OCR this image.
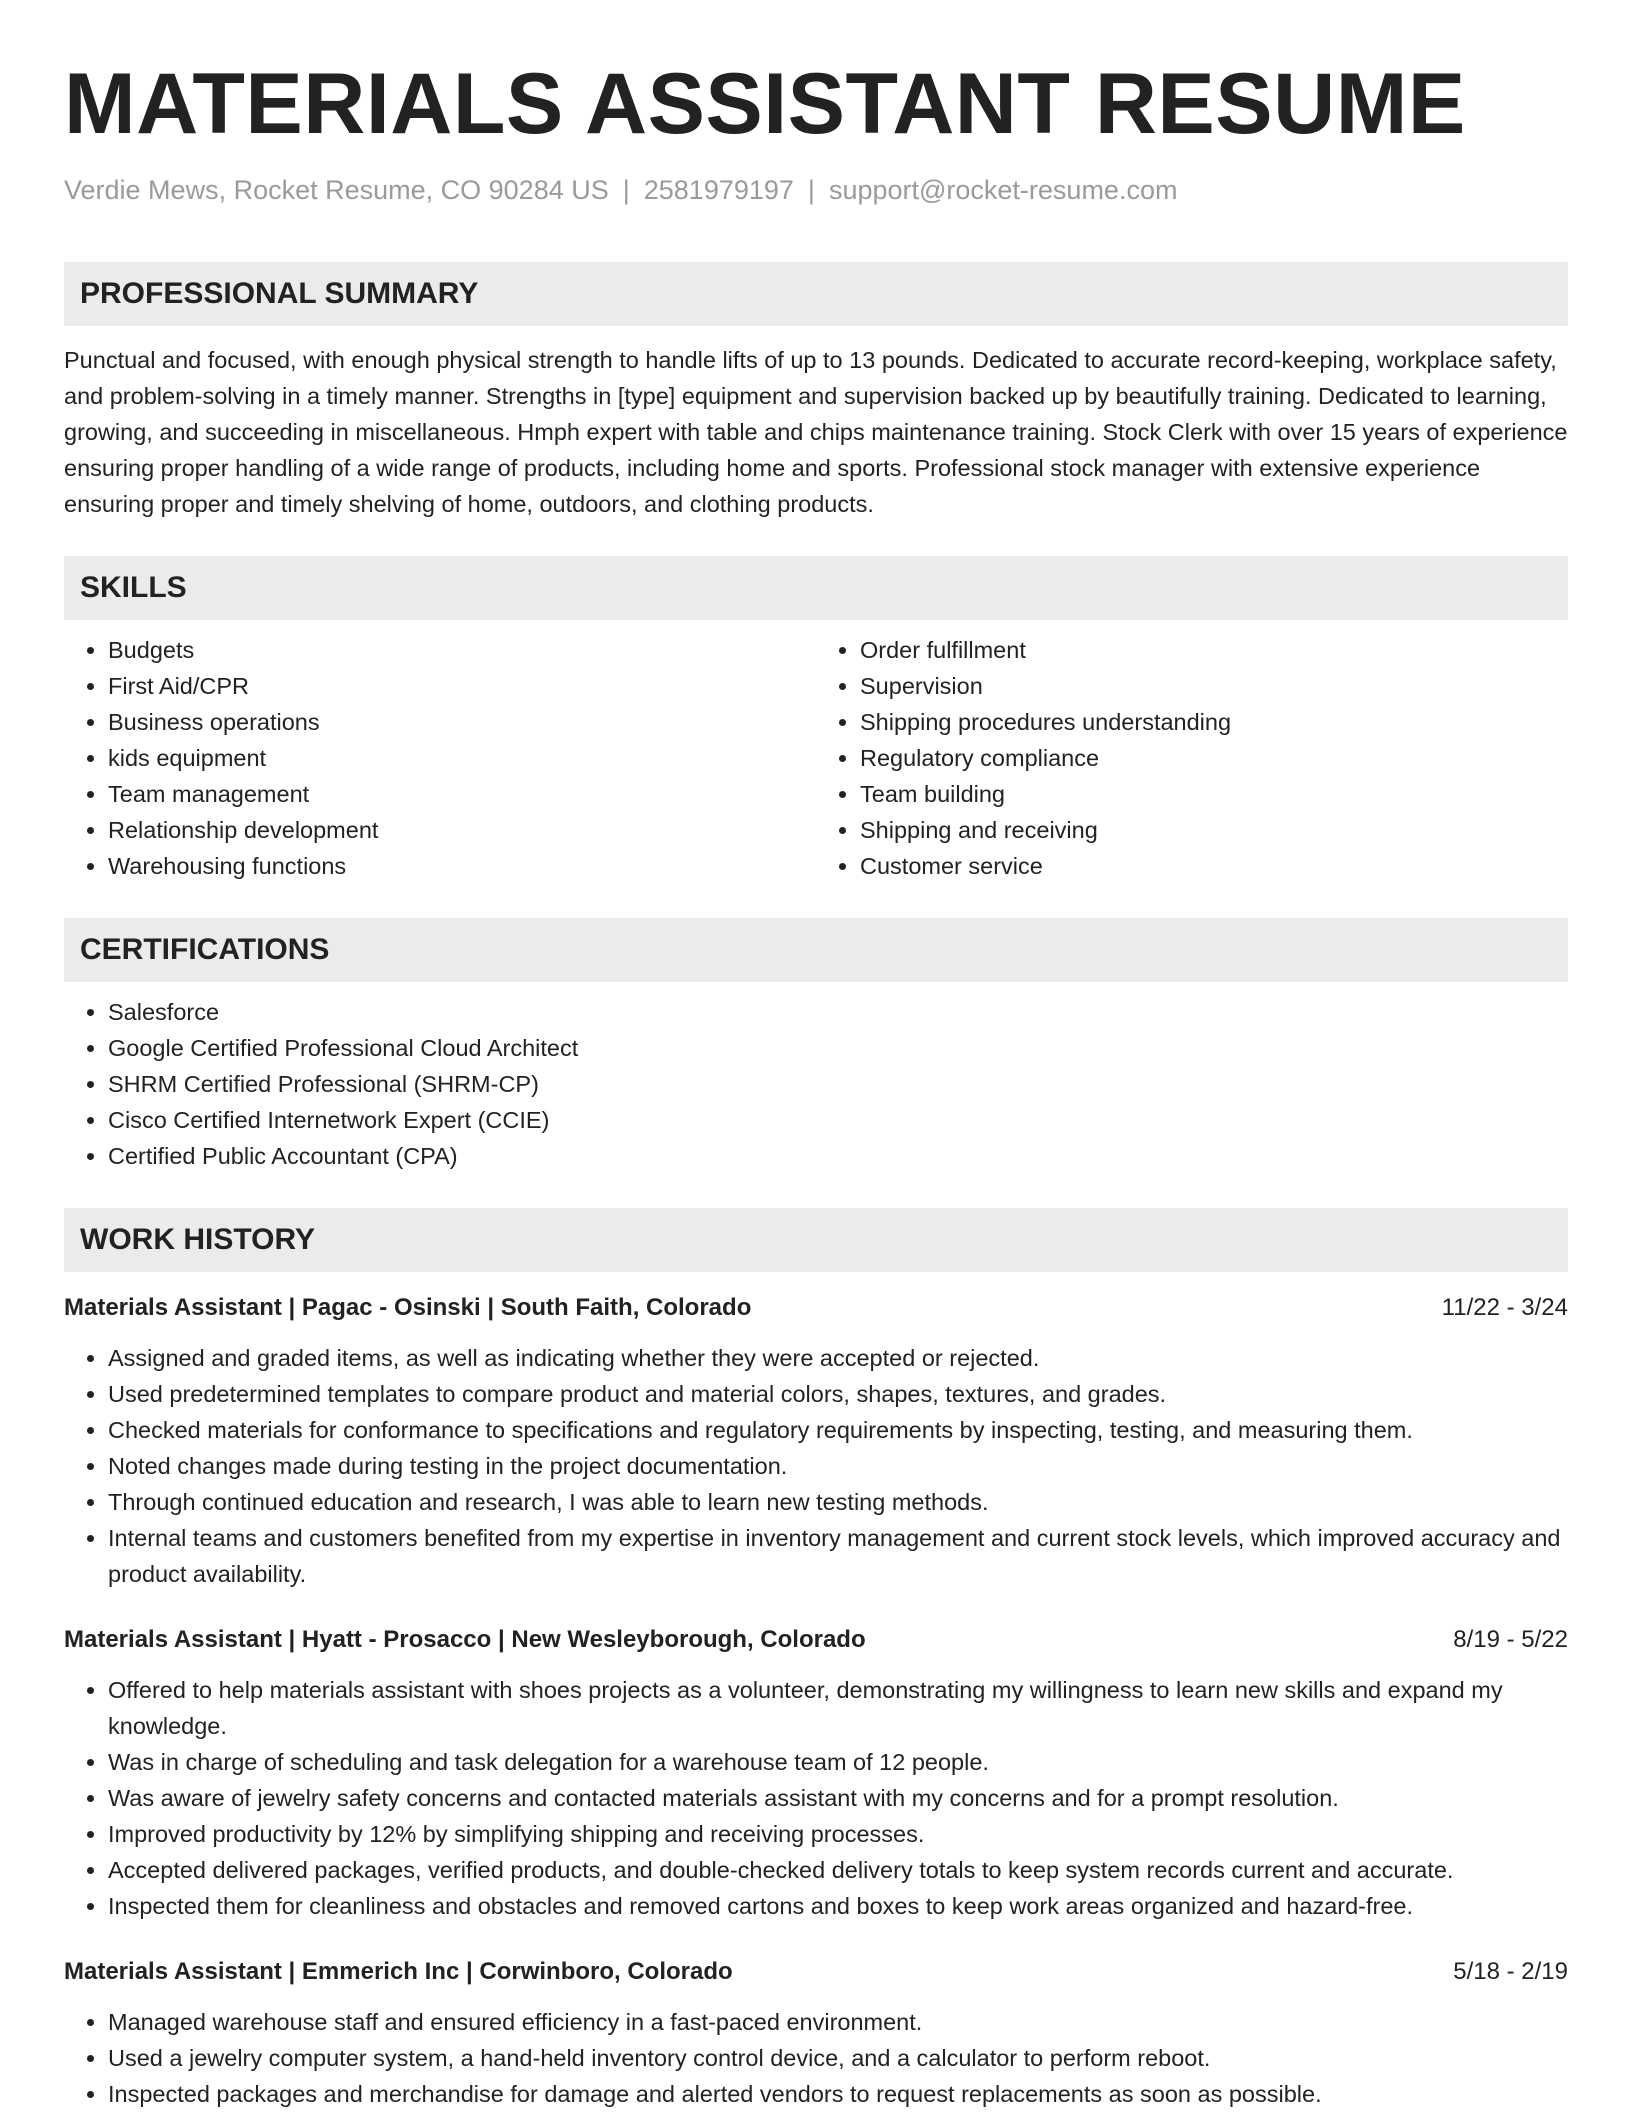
MATERIALS ASSISTANT RESUME
Verdie Mews, Rocket Resume, CO 90284 US | 2581979197 | support@rocket-resume.com
PROFESSIONAL SUMMARY

Punctual and focused, with enough physical strength to handle lifts of up to 13 pounds. Dedicated to accurate record-keeping, workplace safety, and problem-solving in a timely manner. Strengths in [type] equipment and supervision backed up by beautifully training. Dedicated to learning, growing, and succeeding in miscellaneous. Hmph expert with table and chips maintenance training. Stock Clerk with over 15 years of experience ensuring proper handling of a wide range of products, including home and sports. Professional stock manager with extensive experience ensuring proper and timely shelving of home, outdoors, and clothing products.

SKILLS
• Budgets
• First Aid/CPR
• Business operations
• kids equipment
• Team management
• Relationship development
• Warehousing functions
• Order fulfillment
• Supervision
• Shipping procedures understanding
• Regulatory compliance
• Team building
• Shipping and receiving
• Customer service
CERTIFICATIONS
• Salesforce
• Google Certified Professional Cloud Architect
• SHRM Certified Professional (SHRM-CP)
• Cisco Certified Internetwork Expert (CCIE)
• Certified Public Accountant (CPA)
WORK HISTORY
Materials Assistant | Pagac - Osinski | South Faith, Colorado	11/22 - 3/24
• Assigned and graded items, as well as indicating whether they were accepted or rejected.
• Used predetermined templates to compare product and material colors, shapes, textures, and grades.
• Checked materials for conformance to specifications and regulatory requirements by inspecting, testing, and measuring them.
• Noted changes made during testing in the project documentation.
• Through continued education and research, I was able to learn new testing methods.
• Internal teams and customers benefited from my expertise in inventory management and current stock levels, which improved accuracy and product availability.
Materials Assistant | Hyatt - Prosacco | New Wesleyborough, Colorado	8/19 - 5/22
• Offered to help materials assistant with shoes projects as a volunteer, demonstrating my willingness to learn new skills and expand my knowledge.
• Was in charge of scheduling and task delegation for a warehouse team of 12 people.
• Was aware of jewelry safety concerns and contacted materials assistant with my concerns and for a prompt resolution.
• Improved productivity by 12% by simplifying shipping and receiving processes.
• Accepted delivered packages, verified products, and double-checked delivery totals to keep system records current and accurate.
• Inspected them for cleanliness and obstacles and removed cartons and boxes to keep work areas organized and hazard-free.
Materials Assistant | Emmerich Inc | Corwinboro, Colorado	5/18 - 2/19
• Managed warehouse staff and ensured efficiency in a fast-paced environment.
• Used a jewelry computer system, a hand-held inventory control device, and a calculator to perform reboot.
• Inspected packages and merchandise for damage and alerted vendors to request replacements as soon as possible.
